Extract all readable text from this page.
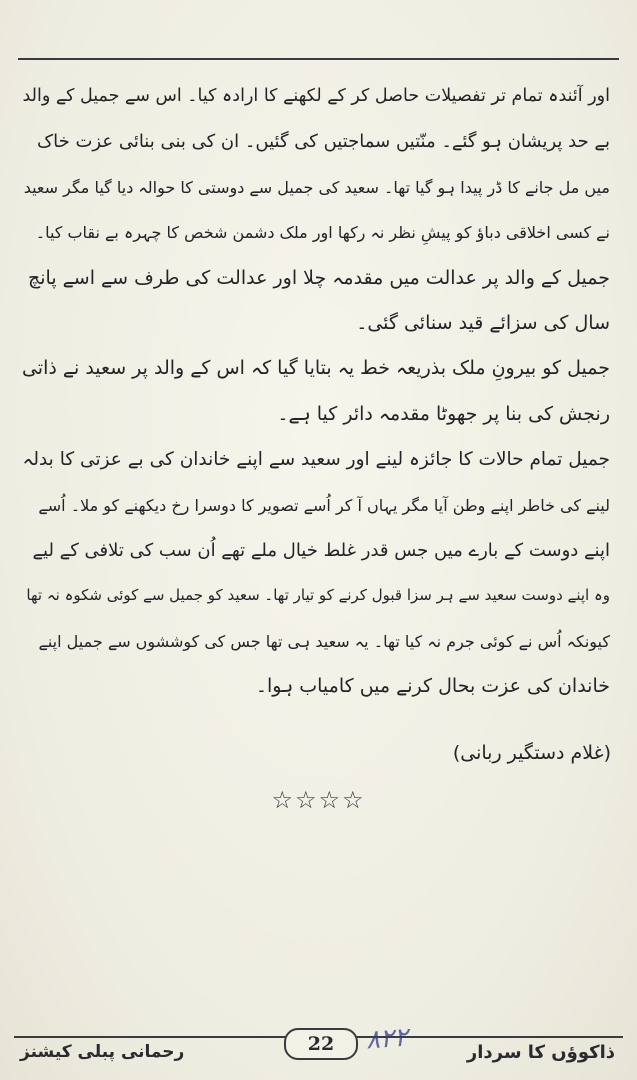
اور آئندہ تمام تر تفصیلات حاصل کر کے لکھنے کا ارادہ کیا۔ اس سے جمیل کے والد
بے حد پریشان ہو گئے۔ منّتیں سماجتیں کی گئیں۔ ان کی بنی بنائی عزت خاک
میں مل جانے کا ڈر پیدا ہو گیا تھا۔ سعید کی جمیل سے دوستی کا حوالہ دیا گیا مگر سعید
نے کسی اخلاقی دباؤ کو پیشِ نظر نہ رکھا اور ملک دشمن شخص کا چہرہ بے نقاب کیا۔
جمیل کے والد پر عدالت میں مقدمہ چلا اور عدالت کی طرف سے اسے پانچ
سال کی سزائے قید سنائی گئی۔
جمیل کو بیرونِ ملک بذریعہ خط یہ بتایا گیا کہ اس کے والد پر سعید نے ذاتی
رنجش کی بنا پر جھوٹا مقدمہ دائر کیا ہے۔
جمیل تمام حالات کا جائزہ لینے اور سعید سے اپنے خاندان کی بے عزتی کا بدلہ
لینے کی خاطر اپنے وطن آیا مگر یہاں آ کر اُسے تصویر کا دوسرا رخ دیکھنے کو ملا۔ اُسے
اپنے دوست کے بارے میں جس قدر غلط خیال ملے تھے اُن سب کی تلافی کے لیے
وہ اپنے دوست سعید سے ہر سزا قبول کرنے کو تیار تھا۔ سعید کو جمیل سے کوئی شکوہ نہ تھا
کیونکہ اُس نے کوئی جرم نہ کیا تھا۔ یہ سعید ہی تھا جس کی کوششوں سے جمیل اپنے
خاندان کی عزت بحال کرنے میں کامیاب ہوا۔
(غلام دستگیر ربانی)
☆☆☆☆
ذاکوؤں کا سردار
۸۲۲
22
رحمانی پبلی کیشنز
